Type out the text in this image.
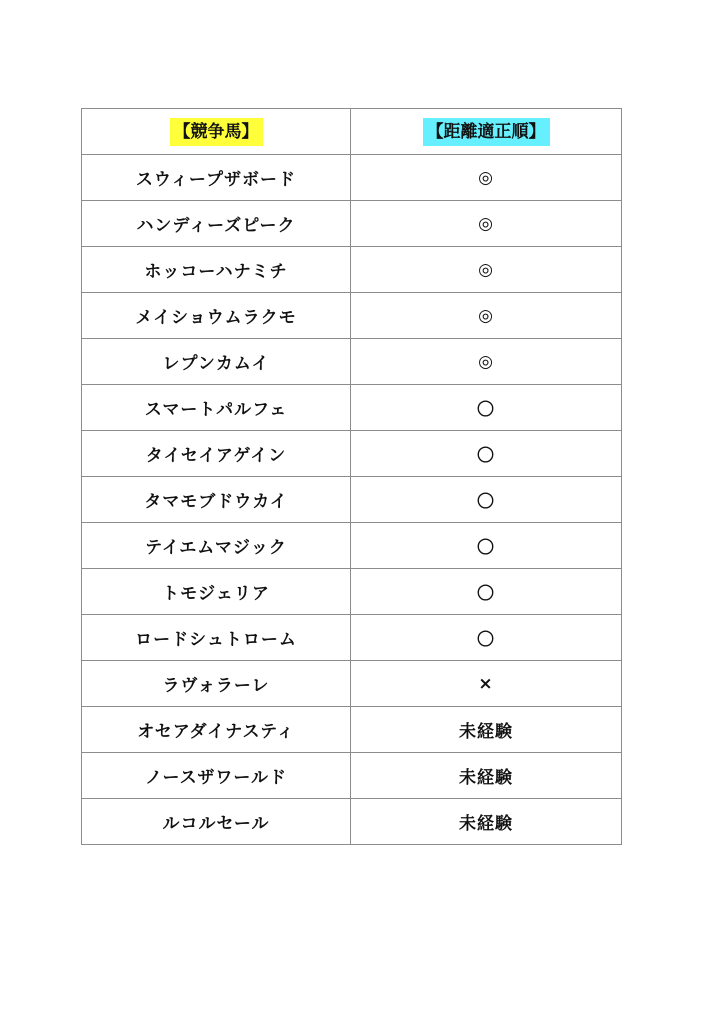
【競争馬】	【距離適正順】
スウィープザボード	◎
ハンディーズピーク	◎
ホッコーハナミチ	◎
メイショウムラクモ	◎
レプンカムイ	◎
スマートパルフェ	〇
タイセイアゲイン	〇
タマモブドウカイ	〇
テイエムマジック	〇
トモジェリア	〇
ロードシュトローム	〇
ラヴォラーレ	×
オセアダイナスティ	未経験
ノースザワールド	未経験
ルコルセール	未経験
